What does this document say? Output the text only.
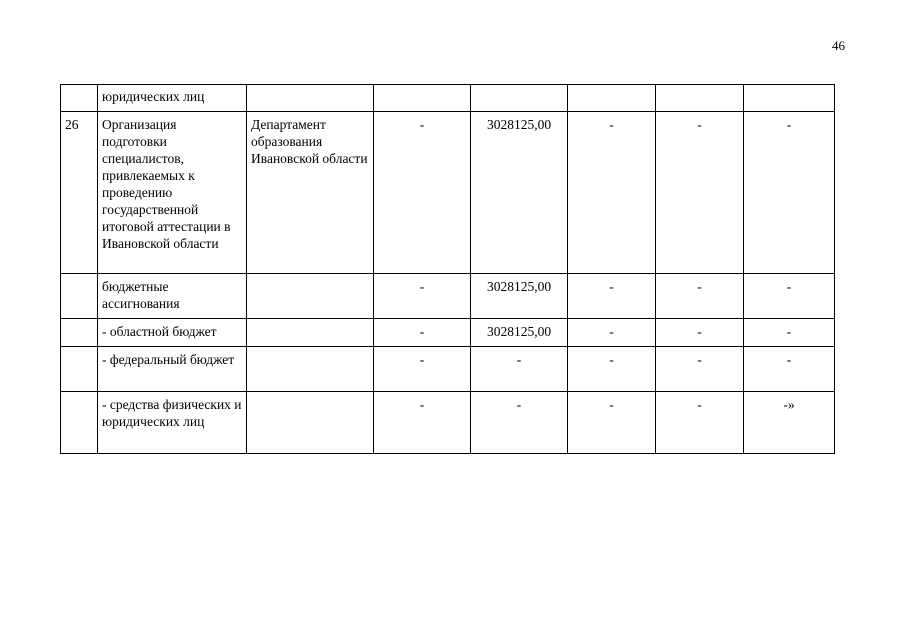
46
	юридических лиц						
26	Организация подготовки специалистов, привлекаемых к проведению государственной итоговой аттестации в Ивановской области	Департамент образования Ивановской области	-	3028125,00	-	-	-
	бюджетные ассигнования		-	3028125,00	-	-	-
	- областной бюджет		-	3028125,00	-	-	-
	- федеральный бюджет		-	-	-	-	-
	- средства физических и юридических лиц		-	-	-	-	-»
